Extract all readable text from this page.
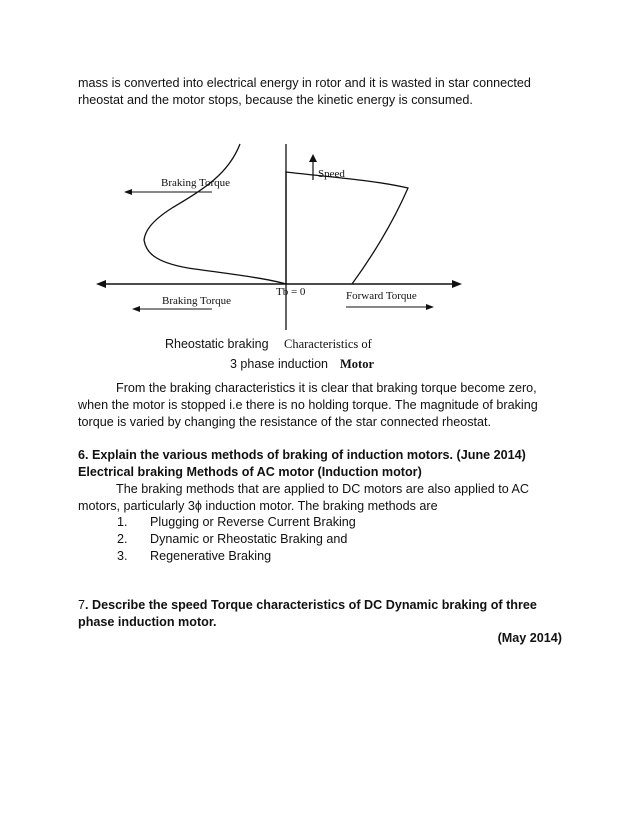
mass is converted into electrical energy in rotor and it is wasted in star connected rheostat and the motor stops, because the kinetic energy is consumed.
Braking Torque
Speed
Braking Torque
Tb = 0	Forward Torque
Rheostatic braking Characteristics of
3 phase induction Motor
From the braking characteristics it is clear that braking torque become zero, when the motor is stopped i.e there is no holding torque. The magnitude of braking torque is varied by changing the resistance of the star connected rheostat.
6. Explain the various methods of braking of induction motors. (June 2014)
Electrical braking Methods of AC motor (Induction motor)
The braking methods that are applied to DC motors are also applied to AC motors, particularly 3ϕ induction motor. The braking methods are
1. Plugging or Reverse Current Braking
2. Dynamic or Rheostatic Braking and
3. Regenerative Braking
7. Describe the speed Torque characteristics of DC Dynamic braking of three phase induction motor.
(May 2014)
